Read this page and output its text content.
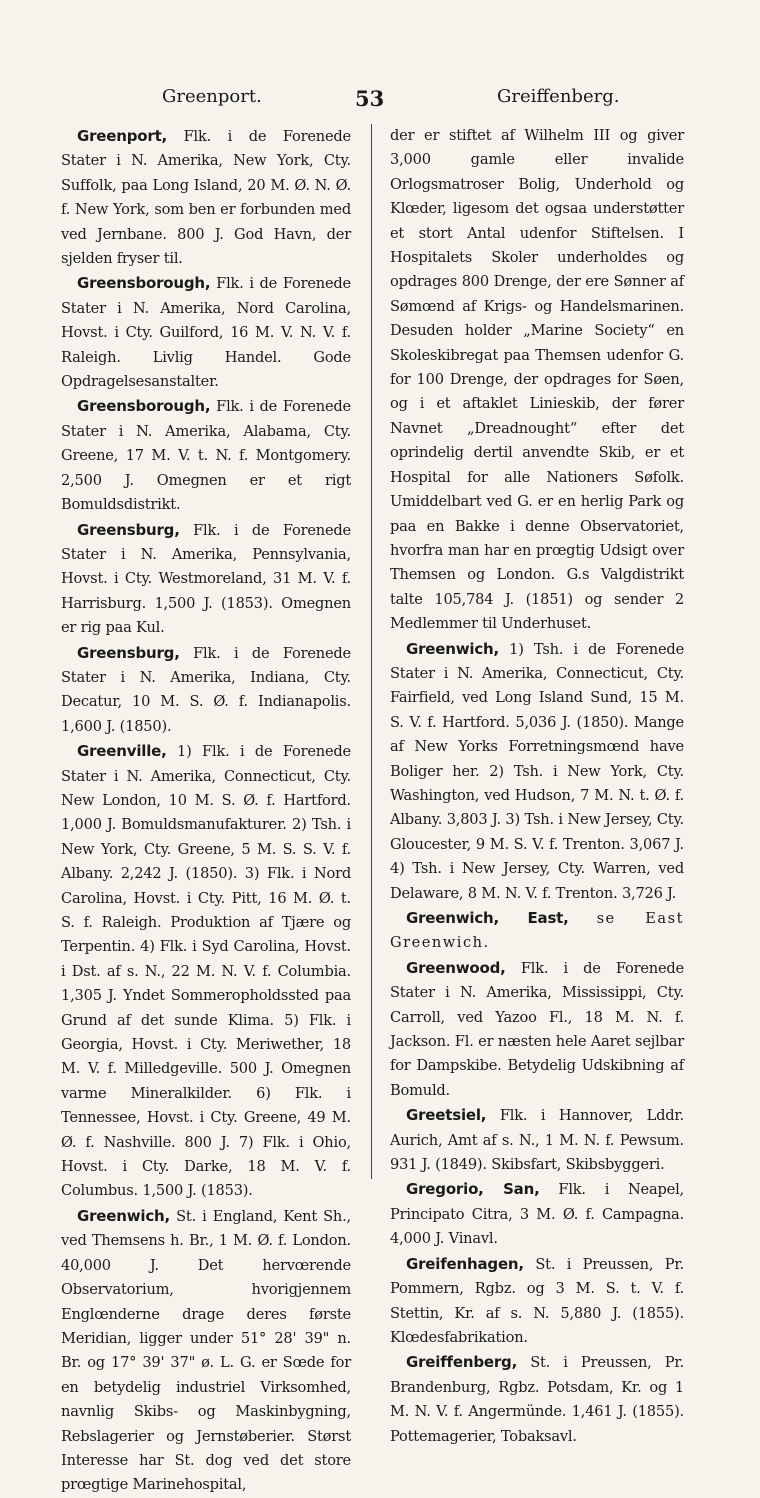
Greenport.	53	Greiffenberg.

Greenport, Flk. i de Forenede Stater i N. Amerika, New York, Cty. Suffolk, paa Long Island, 20 M. Ø. N. Ø. f. New York, som ben er forbunden med ved Jernbane. 800 J. God Havn, der sjelden fryser til.

Greensborough, Flk. i de Forenede Stater i N. Amerika, Nord Carolina, Hovst. i Cty. Guilford, 16 M. V. N. V. f. Raleigh. Livlig Handel. Gode Opdragelsesanstalter.

Greensborough, Flk. i de Forenede Stater i N. Amerika, Alabama, Cty. Greene, 17 M. V. t. N. f. Montgomery. 2,500 J. Omegnen er et rigt Bomuldsdistrikt.

Greensburg, Flk. i de Forenede Stater i N. Amerika, Pennsylvania, Hovst. i Cty. Westmoreland, 31 M. V. f. Harrisburg. 1,500 J. (1853). Omegnen er rig paa Kul.

Greensburg, Flk. i de Forenede Stater i N. Amerika, Indiana, Cty. Decatur, 10 M. S. Ø. f. Indianapolis. 1,600 J. (1850).

Greenville, 1) Flk. i de Forenede Stater i N. Amerika, Connecticut, Cty. New London, 10 M. S. Ø. f. Hartford. 1,000 J. Bomuldsmanufakturer. 2) Tsh. i New York, Cty. Greene, 5 M. S. S. V. f. Albany. 2,242 J. (1850). 3) Flk. i Nord Carolina, Hovst. i Cty. Pitt, 16 M. Ø. t. S. f. Raleigh. Produktion af Tjære og Terpentin. 4) Flk. i Syd Carolina, Hovst. i Dst. af s. N., 22 M. N. V. f. Columbia. 1,305 J. Yndet Sommeropholdssted paa Grund af det sunde Klima. 5) Flk. i Georgia, Hovst. i Cty. Meriwether, 18 M. V. f. Milledgeville. 500 J. Omegnen varme Mineralkilder. 6) Flk. i Tennessee, Hovst. i Cty. Greene, 49 M. Ø. f. Nashville. 800 J. 7) Flk. i Ohio, Hovst. i Cty. Darke, 18 M. V. f. Columbus. 1,500 J. (1853).

Greenwich, St. i England, Kent Sh., ved Themsens h. Br., 1 M. Ø. f. London. 40,000 J. Det hervœrende Observatorium, hvorigjennem Englœnderne drage deres første Meridian, ligger under 51° 28' 39" n. Br. og 17° 39' 37" ø. L. G. er Sœde for en betydelig industriel Virksomhed, navnlig Skibs- og Maskinbygning, Rebslagerier og Jernstøberier. Størst Interesse har St. dog ved det store prœgtige Marinehospital,

der er stiftet af Wilhelm III og giver 3,000 gamle eller invalide Orlogsmatroser Bolig, Underhold og Klœder, ligesom det ogsaa understøtter et stort Antal udenfor Stiftelsen. I Hospitalets Skoler underholdes og opdrages 800 Drenge, der ere Sønner af Sømœnd af Krigs- og Handelsmarinen. Desuden holder „Marine Society“ en Skoleskibregat paa Themsen udenfor G. for 100 Drenge, der opdrages for Søen, og i et aftaklet Linieskib, der fører Navnet „Dreadnought“ efter det oprindelig dertil anvendte Skib, er et Hospital for alle Nationers Søfolk. Umiddelbart ved G. er en herlig Park og paa en Bakke i denne Observatoriet, hvorfra man har en prœgtig Udsigt over Themsen og London. G.s Valgdistrikt talte 105,784 J. (1851) og sender 2 Medlemmer til Underhuset.

Greenwich, 1) Tsh. i de Forenede Stater i N. Amerika, Connecticut, Cty. Fairfield, ved Long Island Sund, 15 M. S. V. f. Hartford. 5,036 J. (1850). Mange af New Yorks Forretningsmœnd have Boliger her. 2) Tsh. i New York, Cty. Washington, ved Hudson, 7 M. N. t. Ø. f. Albany. 3,803 J. 3) Tsh. i New Jersey, Cty. Gloucester, 9 M. S. V. f. Trenton. 3,067 J. 4) Tsh. i New Jersey, Cty. Warren, ved Delaware, 8 M. N. V. f. Trenton. 3,726 J.

Greenwich, East, se East Greenwich.

Greenwood, Flk. i de Forenede Stater i N. Amerika, Mississippi, Cty. Carroll, ved Yazoo Fl., 18 M. N. f. Jackson. Fl. er næsten hele Aaret sejlbar for Dampskibe. Betydelig Udskibning af Bomuld.

Greetsiel, Flk. i Hannover, Lddr. Aurich, Amt af s. N., 1 M. N. f. Pewsum. 931 J. (1849). Skibsfart, Skibsbyggeri.

Gregorio, San, Flk. i Neapel, Principato Citra, 3 M. Ø. f. Campagna. 4,000 J. Vinavl.

Greifenhagen, St. i Preussen, Pr. Pommern, Rgbz. og 3 M. S. t. V. f. Stettin, Kr. af s. N. 5,880 J. (1855). Klœdesfabrikation.

Greiffenberg, St. i Preussen, Pr. Brandenburg, Rgbz. Potsdam, Kr. og 1 M. N. V. f. Angermünde. 1,461 J. (1855). Pottemagerier, Tobaksavl.
